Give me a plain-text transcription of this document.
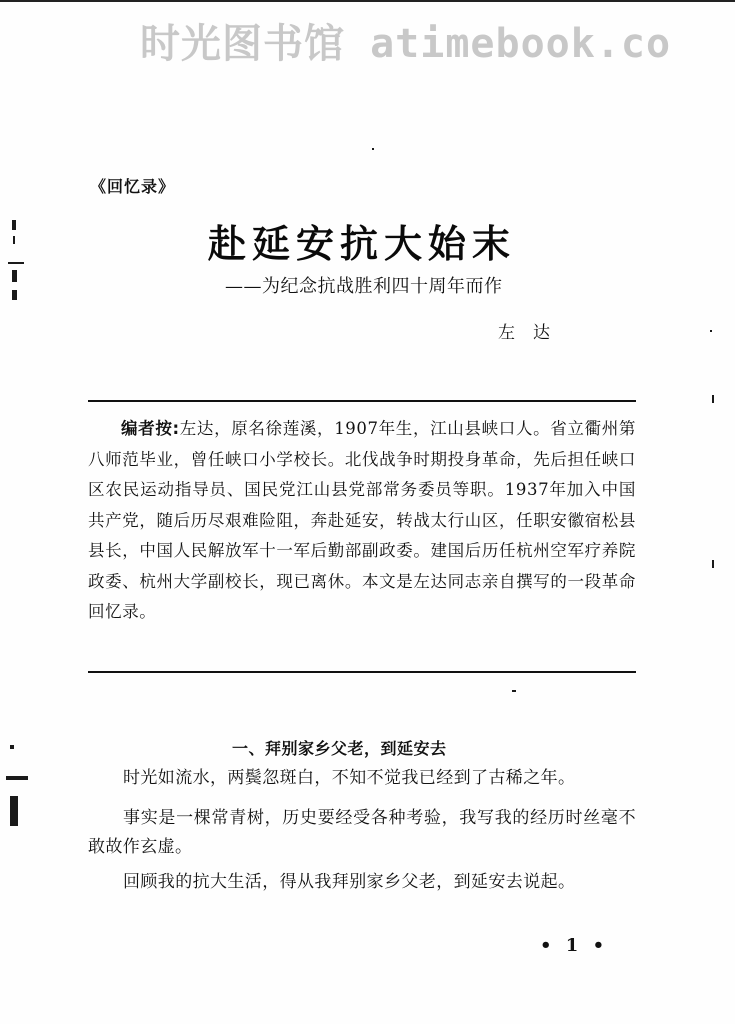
时光图书馆 atimebook.co
《回忆录》
赴延安抗大始末
——为纪念抗战胜利四十周年而作
左达
编者按:左达，原名徐莲溪，1907年生，江山县峡口人。省立衢州第八师范毕业，曾任峡口小学校长。北伐战争时期投身革命，先后担任峡口区农民运动指导员、国民党江山县党部常务委员等职。1937年加入中国共产党，随后历尽艰难险阻，奔赴延安，转战太行山区，任职安徽宿松县县长，中国人民解放军十一军后勤部副政委。建国后历任杭州空军疗养院政委、杭州大学副校长，现已离休。本文是左达同志亲自撰写的一段革命回忆录。
一、拜别家乡父老，到延安去
时光如流水，两鬓忽斑白，不知不觉我已经到了古稀之年。
事实是一棵常青树，历史要经受各种考验，我写我的经历时丝毫不敢故作玄虚。
回顾我的抗大生活，得从我拜别家乡父老，到延安去说起。
• 1 •
